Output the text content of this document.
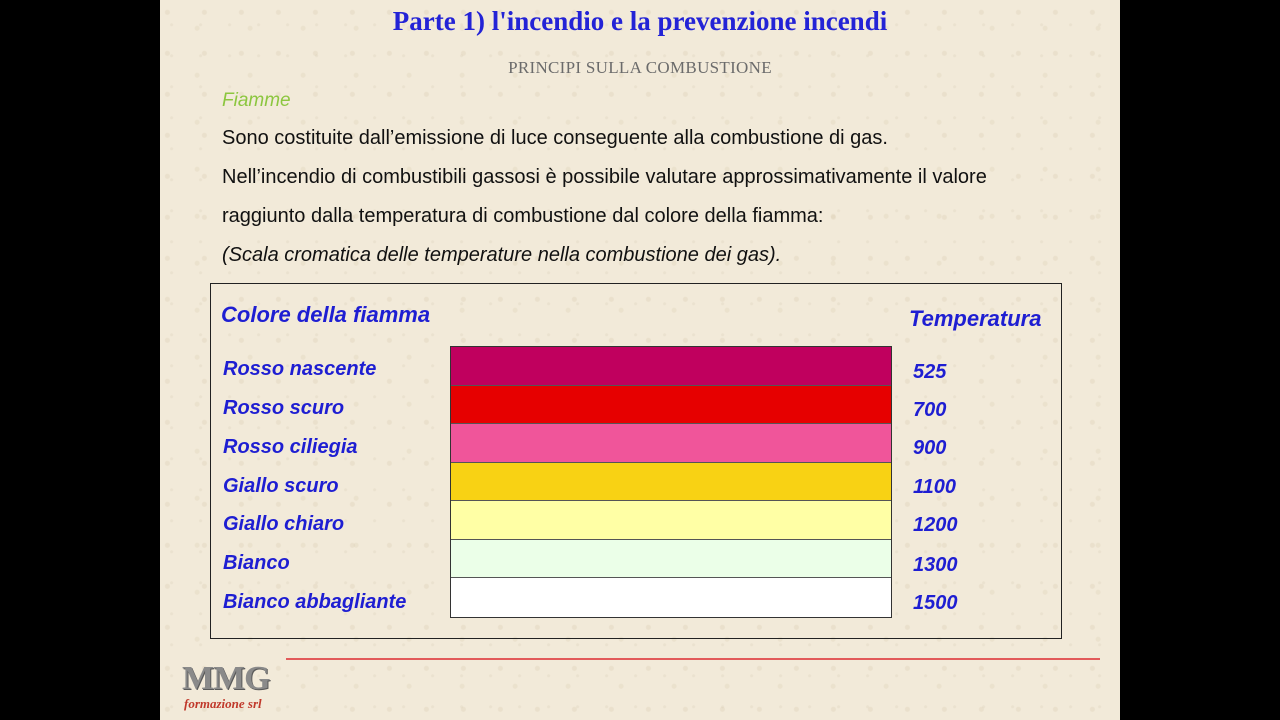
Parte 1) l'incendio e la prevenzione incendi
PRINCIPI SULLA COMBUSTIONE
Fiamme
Sono costituite dall’emissione di luce conseguente alla combustione di gas.
Nell’incendio di combustibili gassosi è possibile valutare approssimativamente il valore
raggiunto dalla temperatura di combustione dal colore della fiamma:
(Scala cromatica delle temperature nella combustione dei gas).
Colore della fiamma	Temperatura
Rosso nascente
Rosso scuro
Rosso ciliegia
Giallo scuro
Giallo chiaro
Bianco
Bianco abbagliante
525
700
900
1100
1200
1300
1500
MMG
formazione srl
